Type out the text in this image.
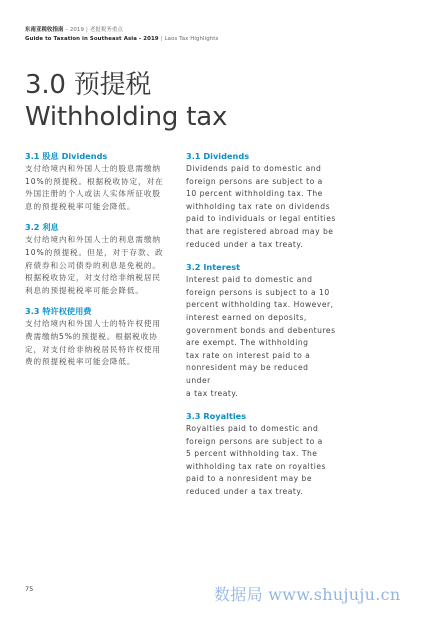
东南亚税收指南 – 2019 | 老挝税务重点
Guide to Taxation in Southeast Asia - 2019 | Laos Tax Highlights
3.0 预提税
Withholding tax
3.1 股息 Dividends

支付给境内和外国人士的股息需缴纳
10%的预提税。根据税收协定，对在
外国注册的个人或法人实体所征收股
息的预提税税率可能会降低。

3.2 利息

支付给境内和外国人士的利息需缴纳
10%的预提税。但是，对于存款、政
府债券和公司债券的利息是免税的。
根据税收协定，对支付给非纳税居民
利息的预提税税率可能会降低。

3.3 特许权使用费

支付给境内和外国人士的特许权使用
费需缴纳5%的预提税。根据税收协
定，对支付给非纳税居民特许权使用
费的预提税税率可能会降低。

3.1 Dividends

Dividends paid to domestic and
foreign persons are subject to a
10 percent withholding tax. The
withholding tax rate on dividends
paid to individuals or legal entities
that are registered abroad may be
reduced under a tax treaty.

3.2 Interest

Interest paid to domestic and
foreign persons is subject to a 10
percent withholding tax. However,
interest earned on deposits,
government bonds and debentures
are exempt. The withholding
tax rate on interest paid to a
nonresident may be reduced under
a tax treaty.

3.3 Royalties

Royalties paid to domestic and
foreign persons are subject to a
5 percent withholding tax. The
withholding tax rate on royalties
paid to a nonresident may be
reduced under a tax treaty.

75	数据局 www.shujuju.cn
